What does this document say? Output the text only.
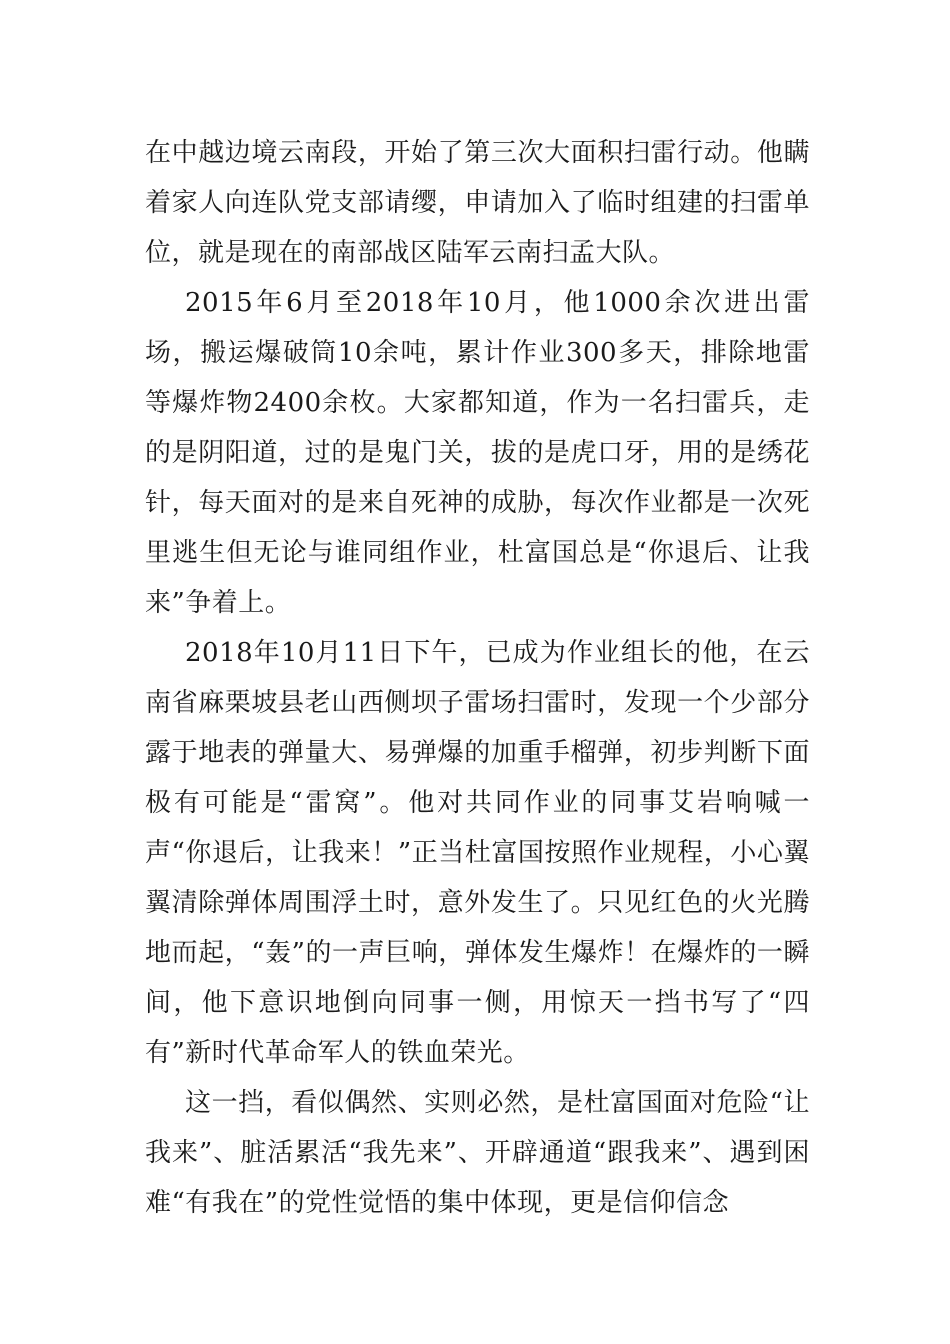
在中越边境云南段，开始了第三次大面积扫雷行动。他瞒着家人向连队党支部请缨，申请加入了临时组建的扫雷单位，就是现在的南部战区陆军云南扫孟大队。

2015年6月至2018年10月，他1000余次进出雷场，搬运爆破筒10余吨，累计作业300多天，排除地雷等爆炸物2400余枚。大家都知道，作为一名扫雷兵，走的是阴阳道，过的是鬼门关，拔的是虎口牙，用的是绣花针，每天面对的是来自死神的成胁，每次作业都是一次死里逃生但无论与谁同组作业，杜富国总是“你退后、让我来”争着上。

2018年10月11日下午，已成为作业组长的他，在云南省麻栗坡县老山西侧坝子雷场扫雷时，发现一个少部分露于地表的弹量大、易弹爆的加重手榴弹，初步判断下面极有可能是“雷窝”。他对共同作业的同事艾岩响喊一声“你退后，让我来！”正当杜富国按照作业规程，小心翼翼清除弹体周围浮土时，意外发生了。只见红色的火光腾地而起，“轰”的一声巨响，弹体发生爆炸！在爆炸的一瞬间，他下意识地倒向同事一侧，用惊天一挡书写了“四有”新时代革命军人的铁血荣光。

这一挡，看似偶然、实则必然，是杜富国面对危险“让我来”、脏活累活“我先来”、开辟通道“跟我来”、遇到困难“有我在”的党性觉悟的集中体现，更是信仰信念
